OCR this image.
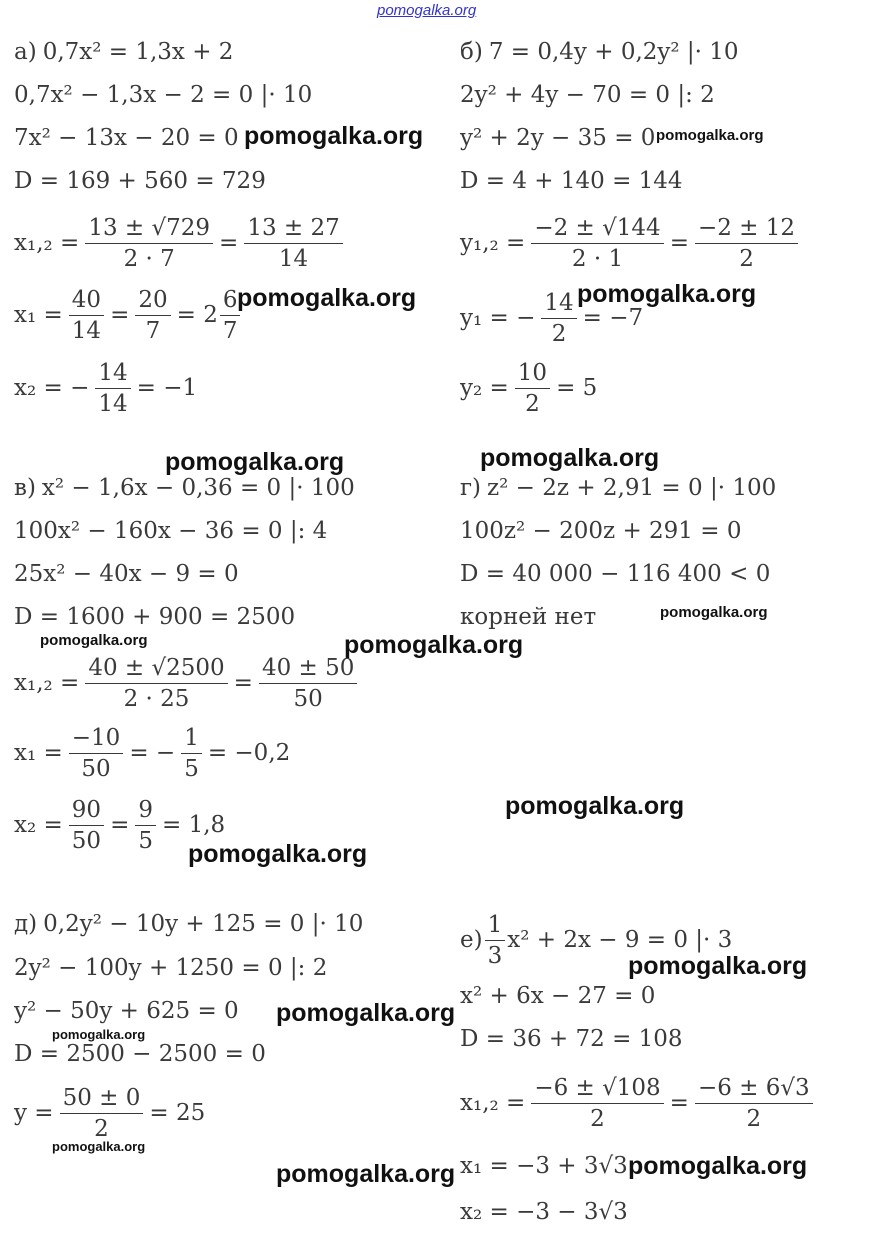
pomogalka.org
а) 0,7x² = 1,3x + 2
0,7x² − 1,3x − 2 = 0 |· 10
7x² − 13x − 20 = 0
D = 169 + 560 = 729
$x_1,_2 = \frac{13 \pm √729}{2 \cdot 7} = \frac{13 \pm 27}{14}$
$x_1 = \frac{40}{14} = \frac{20}{7} = 2 \frac{6}{7}$
x₂ = − $\frac{14}{14} = -1$
б) 7 = 0,4y + 0,2y² |· 10
2y² + 4y − 70 = 0 |: 2
y² + 2y − 35 = 0
D = 4 + 140 = 144
$y_1,_2 = \frac{-2 \pm √144}{2 \cdot 1} = \frac{-2 \pm 12}{2}$
y₁ = − $\frac{14}{2} = -7$
$y_2 = \frac{10}{2} = 5$
в) x² − 1,6x − 0,36 = 0 |· 100
100x² − 160x − 36 = 0 |: 4
25x² − 40x − 9 = 0
D = 1600 + 900 = 2500
$x_1,_2 = \frac{40 \pm √2500}{2 \cdot 25} = \frac{40 \pm 50}{50}$
$x_1 = \frac{-10}{50}$ = − $\frac{1}{5} = -0,2$
$x_2 = \frac{90}{50} = \frac{9}{5} = 1,8$
г) z² − 2z + 2,91 = 0 |· 100
100z² − 200z + 291 = 0
D = 40 000 − 116 400 < 0
корней нет
д) 0,2y² − 10y + 125 = 0 |· 10
2y² − 100y + 1250 = 0 |: 2
y² − 50y + 625 = 0
D = 2500 − 2500 = 0
$y = \frac{50 \pm 0}{2} = 25$
$е) \frac{1}{3} x^2 + 2x - 9 = 0$ |· 3
x² + 6x − 27 = 0
D = 36 + 72 = 108
$x_1,_2 = \frac{-6 \pm √108}{2} = \frac{-6 \pm 6√3}{2}$
x₁ = −3 + 3√3
x₂ = −3 − 3√3
pomogalka.org	pomogalka.org
pomogalka.org	pomogalka.org
pomogalka.org	pomogalka.org
pomogalka.org
pomogalka.org	pomogalka.org
pomogalka.org
pomogalka.org
pomogalka.org
pomogalka.org
pomogalka.org
pomogalka.org
pomogalka.org	pomogalka.org
